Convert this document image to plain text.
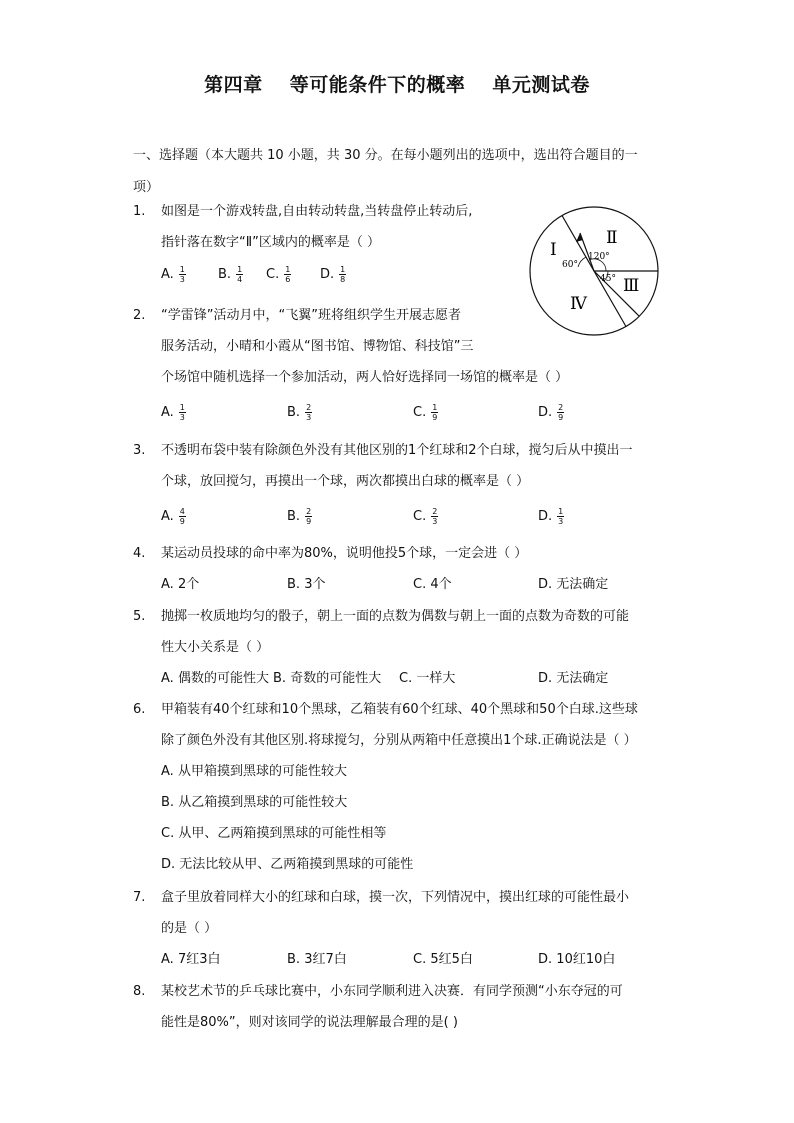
第四章 等可能条件下的概率 单元测试卷
一、选择题（本大题共 10 小题，共 30 分。在每小题列出的选项中，选出符合题目的一
项）
1.	如图是一个游戏转盘,自由转动转盘,当转盘停止转动后,
指针落在数字“Ⅱ”区域内的概率是（ ）
A. $\frac{1}{3} B$. $\frac{1}{4} C$. $\frac{1}{6} D$. $\frac{1}{8}$
Ⅰ
Ⅱ
Ⅲ
Ⅳ
60°
120°
45°
2.	“学雷锋”活动月中，“飞翼”班将组织学生开展志愿者
服务活动，小晴和小霞从“图书馆、博物馆、科技馆”三
个场馆中随机选择一个参加活动，两人恰好选择同一场馆的概率是（ ）
A. $\frac{1}{3}$	B. $\frac{2}{3}$	C. $\frac{1}{9}$	D. $\frac{2}{9}$
3.	不透明布袋中装有除颜色外没有其他区别的1个红球和2个白球，搅匀后从中摸出一
个球，放回搅匀，再摸出一个球，两次都摸出白球的概率是（ ）
A. $\frac{4}{9}$	B. $\frac{2}{9}$	C. $\frac{2}{3}$	D. $\frac{1}{3}$
4.	某运动员投球的命中率为80%，说明他投5个球，一定会进（ ）
A. 2个	B. 3个	C. 4个	D. 无法确定
5.	抛掷一枚质地均匀的骰子，朝上一面的点数为偶数与朝上一面的点数为奇数的可能
性大小关系是（ ）
A. 偶数的可能性大 B. 奇数的可能性大 C. 一样大	D. 无法确定
6.	甲箱装有40个红球和10个黑球，乙箱装有60个红球、40个黑球和50个白球.这些球
除了颜色外没有其他区别.将球搅匀，分别从两箱中任意摸出1个球.正确说法是（ ）
A. 从甲箱摸到黑球的可能性较大
B. 从乙箱摸到黑球的可能性较大
C. 从甲、乙两箱摸到黑球的可能性相等
D. 无法比较从甲、乙两箱摸到黑球的可能性
7.	盒子里放着同样大小的红球和白球，摸一次，下列情况中，摸出红球的可能性最小
的是（ ）
A. 7红3白	B. 3红7白	C. 5红5白	D. 10红10白
8.	某校艺术节的乒乓球比赛中，小东同学顺利进入决赛．有同学预测“小东夺冠的可
能性是80%”，则对该同学的说法理解最合理的是( )
